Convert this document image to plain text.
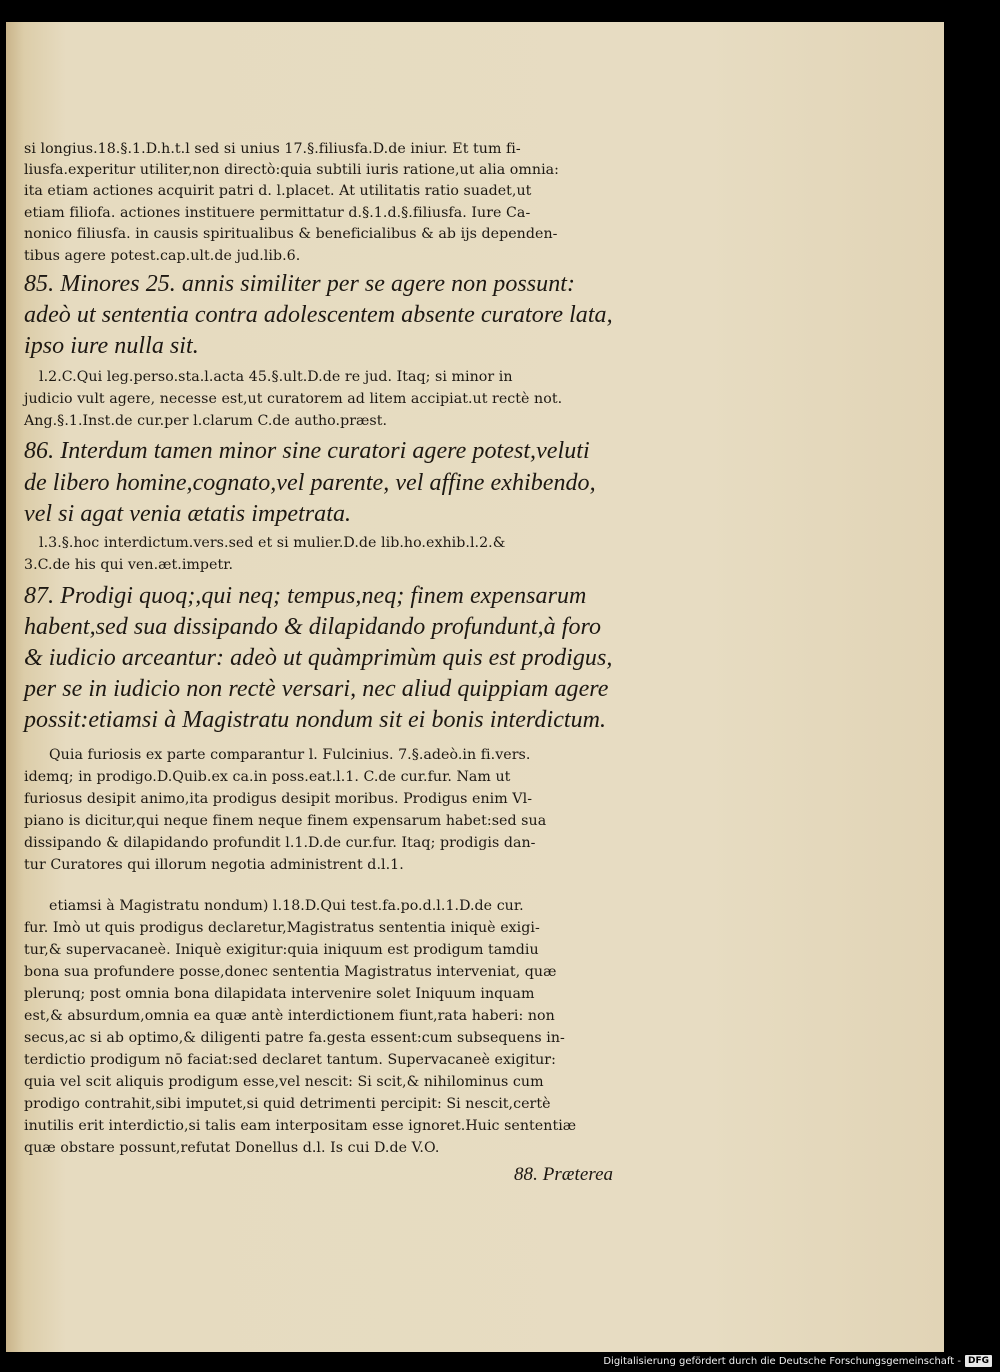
si longius.18.§.1.D.h.t.l sed si unius 17.§.filiusfa.D.de iniur. Et tum fi-
liusfa.experitur utiliter,non directò:quia subtili iuris ratione,ut alia omnia:
ita etiam actiones acquirit patri d. l.placet. At utilitatis ratio suadet,ut
etiam filiofa. actiones instituere permittatur d.§.1.d.§.filiusfa. Iure Ca-
nonico filiusfa. in causis spiritualibus & beneficialibus & ab ijs dependen-
tibus agere potest.cap.ult.de jud.lib.6.
85. Minores 25. annis similiter per se agere non possunt:
adeò ut sententia contra adolescentem absente curatore lata,
ipso iure nulla sit.
l.2.C.Qui leg.perso.sta.l.acta 45.§.ult.D.de re jud. Itaq; si minor in
judicio vult agere, necesse est,ut curatorem ad litem accipiat.ut rectè not.
Ang.§.1.Inst.de cur.per l.clarum C.de autho.præst.
86. Interdum tamen minor sine curatori agere potest,veluti
de libero homine,cognato,vel parente, vel affine exhibendo,
vel si agat venia ætatis impetrata.
l.3.§.hoc interdictum.vers.sed et si mulier.D.de lib.ho.exhib.l.2.&
3.C.de his qui ven.æt.impetr.
87. Prodigi quoq;,qui neq; tempus,neq; finem expensarum
habent,sed sua dissipando & dilapidando profundunt,à foro
& iudicio arceantur: adeò ut quàmprimùm quis est prodigus,
per se in iudicio non rectè versari, nec aliud quippiam agere
possit:etiamsi à Magistratu nondum sit ei bonis interdictum.
Quia furiosis ex parte comparantur l. Fulcinius. 7.§.adeò.in fi.vers.
idemq; in prodigo.D.Quib.ex ca.in poss.eat.l.1. C.de cur.fur. Nam ut
furiosus desipit animo,ita prodigus desipit moribus. Prodigus enim Vl-
piano is dicitur,qui neque finem neque finem expensarum habet:sed sua
dissipando & dilapidando profundit l.1.D.de cur.fur. Itaq; prodigis dan-
tur Curatores qui illorum negotia administrent d.l.1.
etiamsi à Magistratu nondum) l.18.D.Qui test.fa.po.d.l.1.D.de cur.
fur. Imò ut quis prodigus declaretur,Magistratus sententia iniquè exigi-
tur,& supervacaneè. Iniquè exigitur:quia iniquum est prodigum tamdiu
bona sua profundere posse,donec sententia Magistratus interveniat, quæ
plerunq; post omnia bona dilapidata intervenire solet Iniquum inquam
est,& absurdum,omnia ea quæ antè interdictionem fiunt,rata haberi: non
secus,ac si ab optimo,& diligenti patre fa.gesta essent:cum subsequens in-
terdictio prodigum nō faciat:sed declaret tantum. Supervacaneè exigitur:
quia vel scit aliquis prodigum esse,vel nescit: Si scit,& nihilominus cum
prodigo contrahit,sibi imputet,si quid detrimenti percipit: Si nescit,certè
inutilis erit interdictio,si talis eam interpositam esse ignoret.Huic sententiæ
quæ obstare possunt,refutat Donellus d.l. Is cui D.de V.O.
88. Præterea
Digitalisierung gefördert durch die Deutsche Forschungsgemeinschaft - DFG
